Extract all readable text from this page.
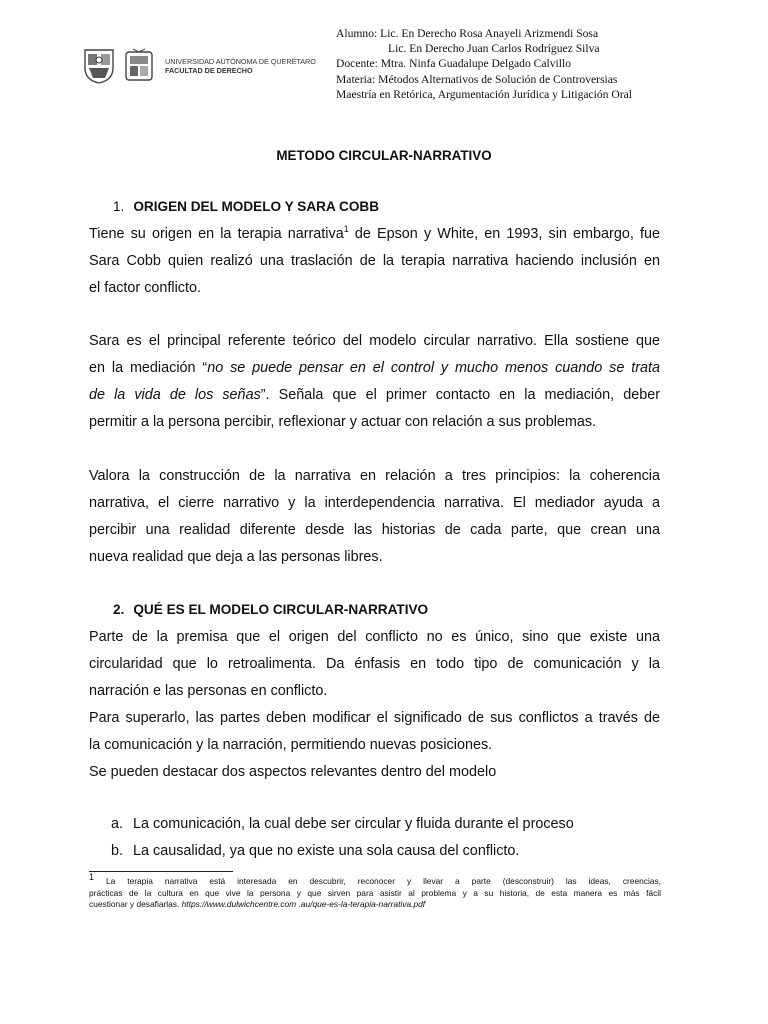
UNIVERSIDAD AUTÓNOMA DE QUERÉTARO
FACULTAD DE DERECHO
Alumno: Lic. En Derecho Rosa Anayeli Arizmendi Sosa
Lic. En Derecho Juan Carlos Rodríguez Silva
Docente: Mtra. Ninfa Guadalupe Delgado Calvillo
Materia: Métodos Alternativos de Solución de Controversias
Maestría en Retórica, Argumentación Jurídica y Litigación Oral
METODO CIRCULAR-NARRATIVO
1. ORIGEN DEL MODELO Y SARA COBB
Tiene su origen en la terapia narrativa$^1$ de Epson y White, en 1993, sin embargo, fue
Sara Cobb quien realizó una traslación de la terapia narrativa haciendo inclusión en
el factor conflicto.
Sara es el principal referente teórico del modelo circular narrativo. Ella sostiene que
en la mediación “no se puede pensar en el control y mucho menos cuando se trata
de la vida de los señas”. Señala que el primer contacto en la mediación, deber
permitir a la persona percibir, reflexionar y actuar con relación a sus problemas.
Valora la construcción de la narrativa en relación a tres principios: la coherencia
narrativa, el cierre narrativo y la interdependencia narrativa. El mediador ayuda a
percibir una realidad diferente desde las historias de cada parte, que crean una
nueva realidad que deja a las personas libres.
2. QUÉ ES EL MODELO CIRCULAR-NARRATIVO
Parte de la premisa que el origen del conflicto no es único, sino que existe una
circularidad que lo retroalimenta. Da énfasis en todo tipo de comunicación y la
narración e las personas en conflicto.
Para superarlo, las partes deben modificar el significado de sus conflictos a través de
la comunicación y la narración, permitiendo nuevas posiciones.
Se pueden destacar dos aspectos relevantes dentro del modelo
a. La comunicación, la cual debe ser circular y fluida durante el proceso
b. La causalidad, ya que no existe una sola causa del conflicto.
$^1$ La terapia narrativa está interesada en descubrir, reconocer y llevar a parte (desconstruir) las ideas, creencias,
prácticas de la cultura en que vive la persona y que sirven para asistir al problema y a su historia, de esta manera es más fácil
cuestionar y desafiarlas. https://www.dulwichcentre.com .au/que-es-la-terapia-narrativa.pdf
